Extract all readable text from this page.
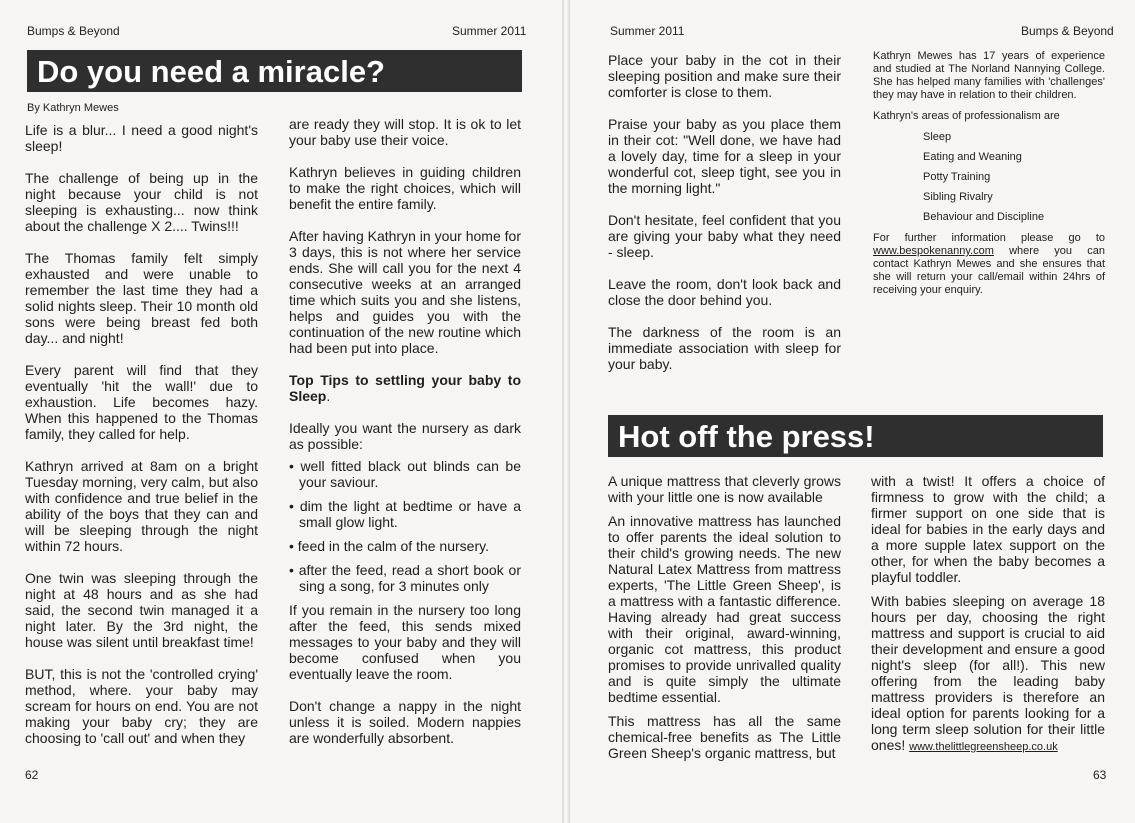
Bumps & Beyond	Summer 2011
Do you need a miracle?
By Kathryn Mewes

Life is a blur... I need a good night's sleep!

The challenge of being up in the night because your child is not sleeping is exhausting... now think about the challenge X 2.... Twins!!!

The Thomas family felt simply exhausted and were unable to remember the last time they had a solid nights sleep. Their 10 month old sons were being breast fed both day... and night!

Every parent will find that they eventually 'hit the wall!' due to exhaustion. Life becomes hazy. When this happened to the Thomas family, they called for help.

Kathryn arrived at 8am on a bright Tuesday morning, very calm, but also with confidence and true belief in the ability of the boys that they can and will be sleeping through the night within 72 hours.

One twin was sleeping through the night at 48 hours and as she had said, the second twin managed it a night later. By the 3rd night, the house was silent until breakfast time!

BUT, this is not the 'controlled crying' method, where. your baby may scream for hours on end. You are not making your baby cry; they are choosing to 'call out' and when they

are ready they will stop. It is ok to let your baby use their voice.

Kathryn believes in guiding children to make the right choices, which will benefit the entire family.

After having Kathryn in your home for 3 days, this is not where her service ends. She will call you for the next 4 consecutive weeks at an arranged time which suits you and she listens, helps and guides you with the continuation of the new routine which had been put into place.

Top Tips to settling your baby to Sleep.

Ideally you want the nursery as dark as possible:

• well fitted black out blinds can be your saviour.
• dim the light at bedtime or have a small glow light.
• feed in the calm of the nursery.
• after the feed, read a short book or sing a song, for 3 minutes only

If you remain in the nursery too long after the feed, this sends mixed messages to your baby and they will become confused when you eventually leave the room.

Don't change a nappy in the night unless it is soiled. Modern nappies are wonderfully absorbent.

62
Summer 2011	Bumps & Beyond

Place your baby in the cot in their sleeping position and make sure their comforter is close to them.

Praise your baby as you place them in their cot: "Well done, we have had a lovely day, time for a sleep in your wonderful cot, sleep tight, see you in the morning light."

Don't hesitate, feel confident that you are giving your baby what they need - sleep.

Leave the room, don't look back and close the door behind you.

The darkness of the room is an immediate association with sleep for your baby.

Kathryn Mewes has 17 years of experience and studied at The Norland Nannying College. She has helped many families with 'challenges' they may have in relation to their children.

Kathryn's areas of professionalism are

Sleep
Eating and Weaning
Potty Training
Sibling Rivalry
Behaviour and Discipline

For further information please go to www.bespokenanny.com where you can contact Kathryn Mewes and she ensures that she will return your call/email within 24hrs of receiving your enquiry.

Hot off the press!

A unique mattress that cleverly grows with your little one is now available

An innovative mattress has launched to offer parents the ideal solution to their child's growing needs. The new Natural Latex Mattress from mattress experts, 'The Little Green Sheep', is a mattress with a fantastic difference. Having already had great success with their original, award-winning, organic cot mattress, this product promises to provide unrivalled quality and is quite simply the ultimate bedtime essential.

This mattress has all the same chemical-free benefits as The Little Green Sheep's organic mattress, but

with a twist! It offers a choice of firmness to grow with the child; a firmer support on one side that is ideal for babies in the early days and a more supple latex support on the other, for when the baby becomes a playful toddler.

With babies sleeping on average 18 hours per day, choosing the right mattress and support is crucial to aid their development and ensure a good night's sleep (for all!). This new offering from the leading baby mattress providers is therefore an ideal option for parents looking for a long term sleep solution for their little ones! www.thelittlegreensheep.co.uk

63
